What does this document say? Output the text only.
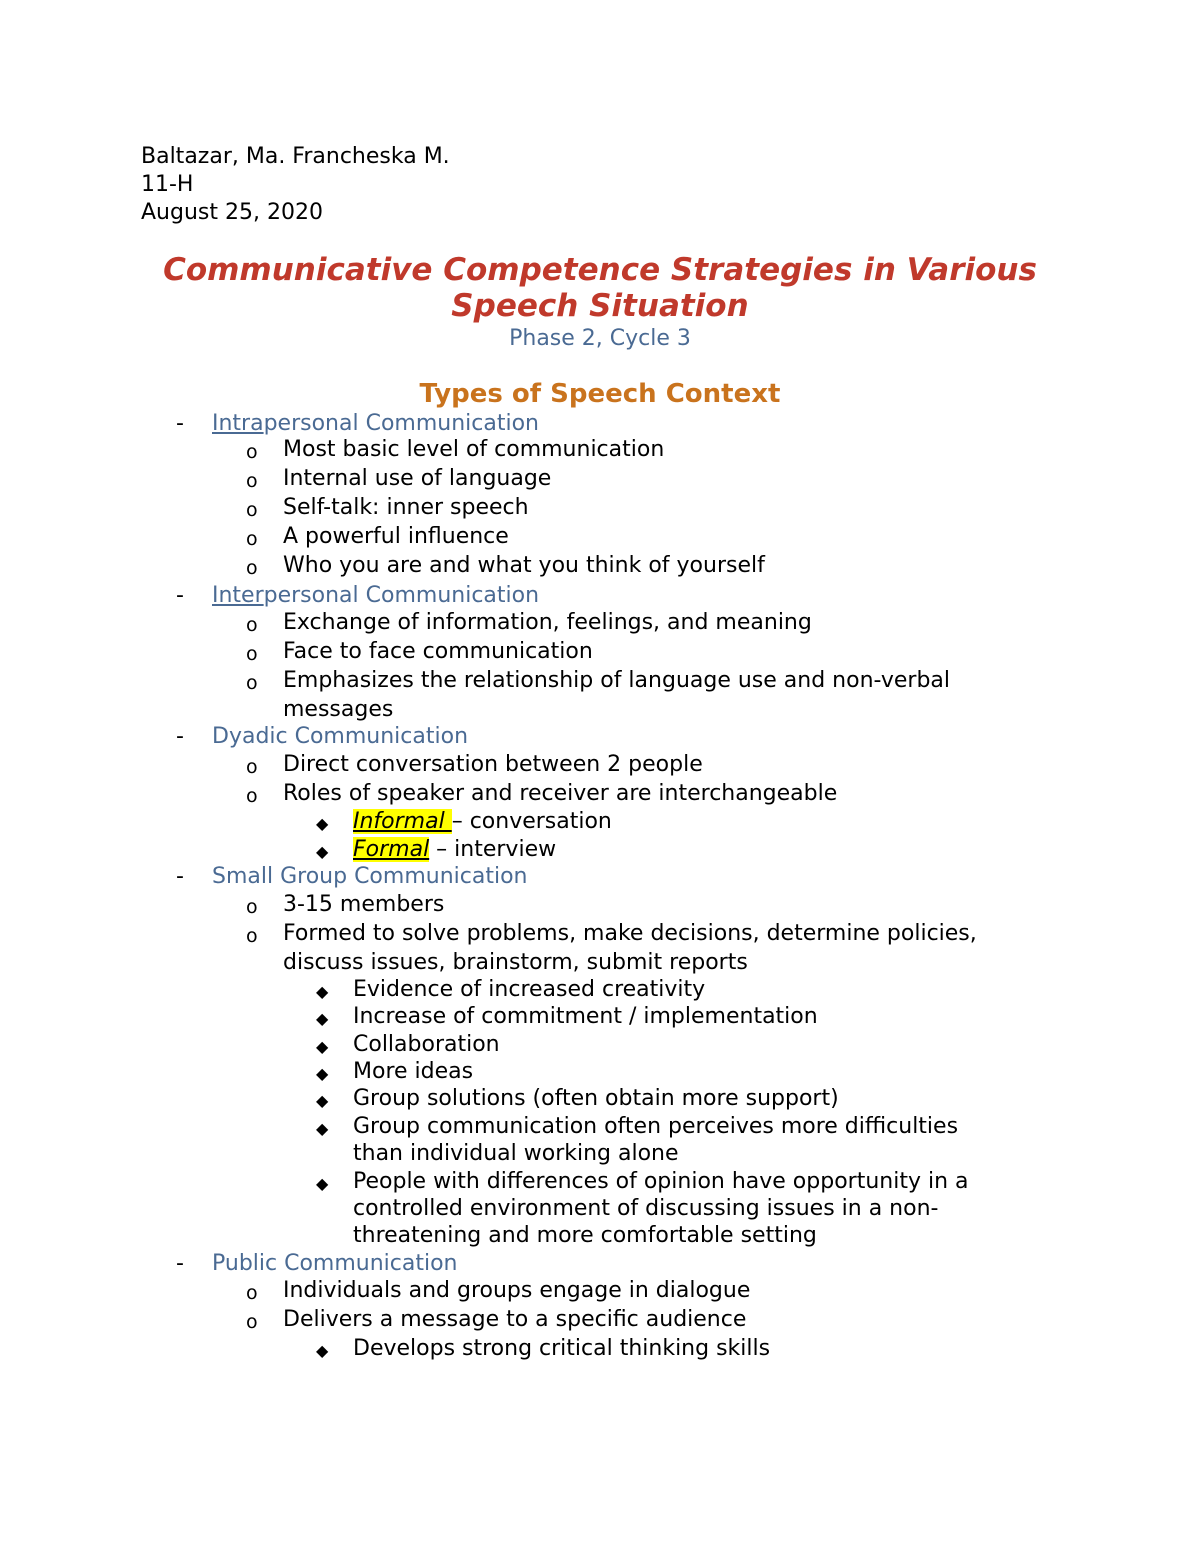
Baltazar, Ma. Francheska M.
11-H
August 25, 2020
Communicative Competence Strategies in Various
Speech Situation
Phase 2, Cycle 3
Types of Speech Context
- Intrapersonal Communication
o Most basic level of communication
o Internal use of language
o Self-talk: inner speech
o A powerful influence
o Who you are and what you think of yourself
- Interpersonal Communication
o Exchange of information, feelings, and meaning
o Face to face communication
o Emphasizes the relationship of language use and non-verbal
messages
- Dyadic Communication
o Direct conversation between 2 people
o Roles of speaker and receiver are interchangeable
◆ Informal – conversation
◆ Formal – interview
- Small Group Communication
o 3-15 members
o Formed to solve problems, make decisions, determine policies,
discuss issues, brainstorm, submit reports
◆ Evidence of increased creativity
◆ Increase of commitment / implementation
◆ Collaboration
◆ More ideas
◆ Group solutions (often obtain more support)
◆ Group communication often perceives more difficulties
than individual working alone
◆ People with differences of opinion have opportunity in a
controlled environment of discussing issues in a non-
threatening and more comfortable setting
- Public Communication
o Individuals and groups engage in dialogue
o Delivers a message to a specific audience
◆ Develops strong critical thinking skills
